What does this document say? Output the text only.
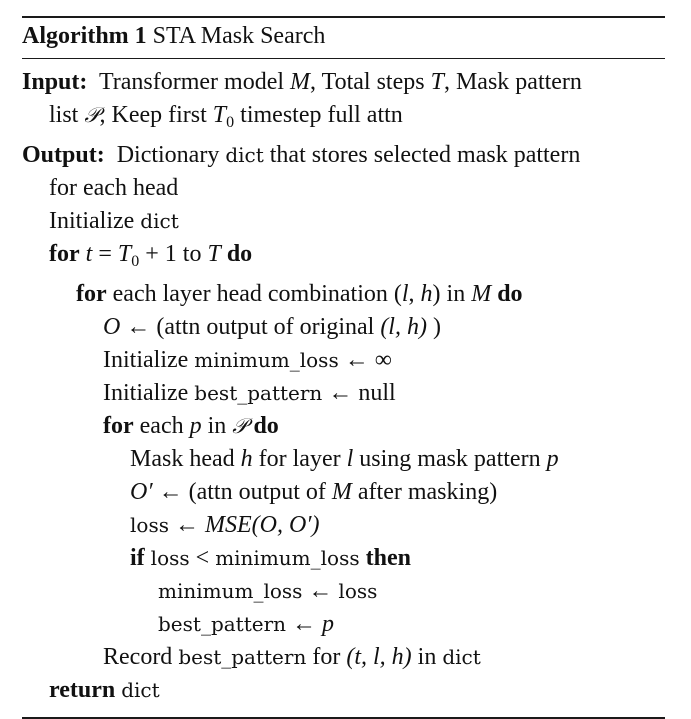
Algorithm 1 STA Mask Search
Input: Transformer model M, Total steps T, Mask pattern
list 𝒫, Keep first $T_0$ timestep full attn
Output: Dictionary dict that stores selected mask pattern
for each head
Initialize dict
for $t = T_0 + 1$ to T do
for each layer head combination (l, h) in M do
O ← (attn output of original (l, h) )
Initialize minimum_loss ← ∞
Initialize best_pattern ← null
for each p in 𝒫 do
Mask head h for layer l using mask pattern p
O′ ← (attn output of M after masking)
loss ← MSE(O, O′)
if loss < minimum_loss then
minimum_loss ← loss
best_pattern ← p
Record best_pattern for (t, l, h) in dict
return dict
